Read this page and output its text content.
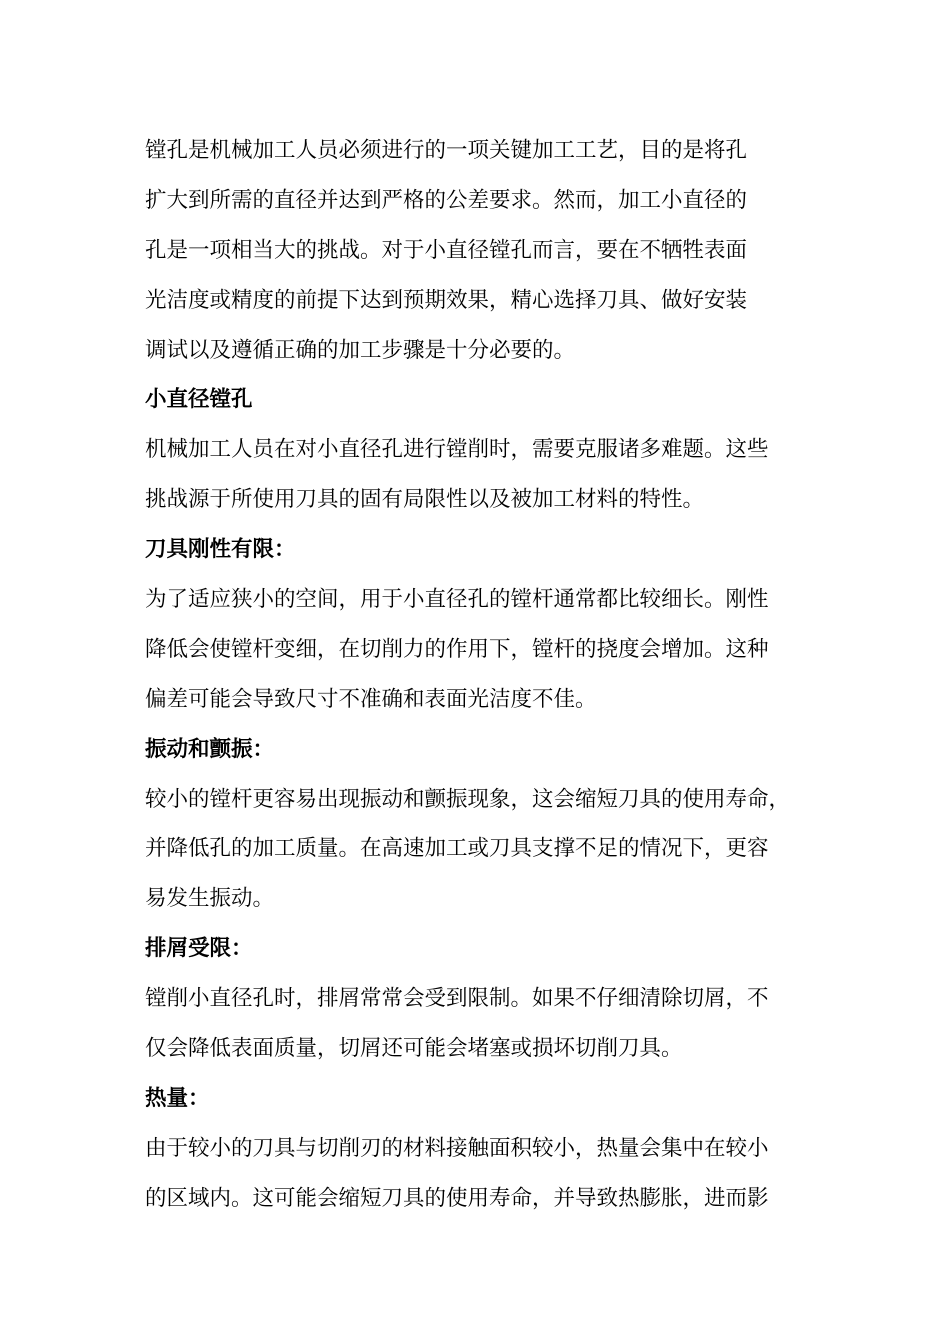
镗孔是机械加工人员必须进行的一项关键加工工艺，目的是将孔
扩大到所需的直径并达到严格的公差要求。然而，加工小直径的
孔是一项相当大的挑战。对于小直径镗孔而言，要在不牺牲表面
光洁度或精度的前提下达到预期效果，精心选择刀具、做好安装
调试以及遵循正确的加工步骤是十分必要的。
小直径镗孔
机械加工人员在对小直径孔进行镗削时，需要克服诸多难题。这些
挑战源于所使用刀具的固有局限性以及被加工材料的特性。
刀具刚性有限：
为了适应狭小的空间，用于小直径孔的镗杆通常都比较细长。刚性
降低会使镗杆变细，在切削力的作用下，镗杆的挠度会增加。这种
偏差可能会导致尺寸不准确和表面光洁度不佳。
振动和颤振：
较小的镗杆更容易出现振动和颤振现象，这会缩短刀具的使用寿命，
并降低孔的加工质量。在高速加工或刀具支撑不足的情况下，更容
易发生振动。
排屑受限：
镗削小直径孔时，排屑常常会受到限制。如果不仔细清除切屑，不
仅会降低表面质量，切屑还可能会堵塞或损坏切削刀具。
热量：
由于较小的刀具与切削刃的材料接触面积较小，热量会集中在较小
的区域内。这可能会缩短刀具的使用寿命，并导致热膨胀，进而影
